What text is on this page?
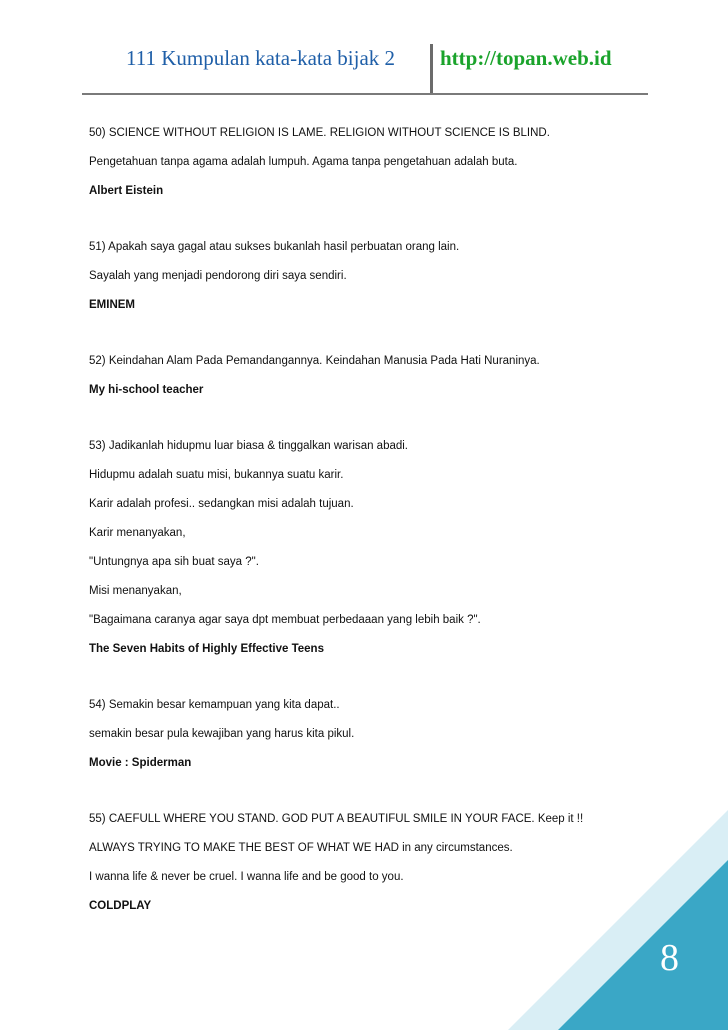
111 Kumpulan kata-kata bijak 2 http://topan.web.id
50) SCIENCE WITHOUT RELIGION IS LAME. RELIGION WITHOUT SCIENCE IS BLIND.
Pengetahuan tanpa agama adalah lumpuh. Agama tanpa pengetahuan adalah buta.
Albert Eistein
51) Apakah saya gagal atau sukses bukanlah hasil perbuatan orang lain.
Sayalah yang menjadi pendorong diri saya sendiri.
EMINEM
52) Keindahan Alam Pada Pemandangannya. Keindahan Manusia Pada Hati Nuraninya.
My hi-school teacher
53) Jadikanlah hidupmu luar biasa & tinggalkan warisan abadi.
Hidupmu adalah suatu misi, bukannya suatu karir.
Karir adalah profesi.. sedangkan misi adalah tujuan.
Karir menanyakan,
"Untungnya apa sih buat saya ?".
Misi menanyakan,
"Bagaimana caranya agar saya dpt membuat perbedaaan yang lebih baik ?".
The Seven Habits of Highly Effective Teens
54) Semakin besar kemampuan yang kita dapat..
semakin besar pula kewajiban yang harus kita pikul.
Movie : Spiderman
55) CAEFULL WHERE YOU STAND. GOD PUT A BEAUTIFUL SMILE IN YOUR FACE. Keep it !!
ALWAYS TRYING TO MAKE THE BEST OF WHAT WE HAD in any circumstances.
I wanna life & never be cruel. I wanna life and be good to you.
COLDPLAY
8
